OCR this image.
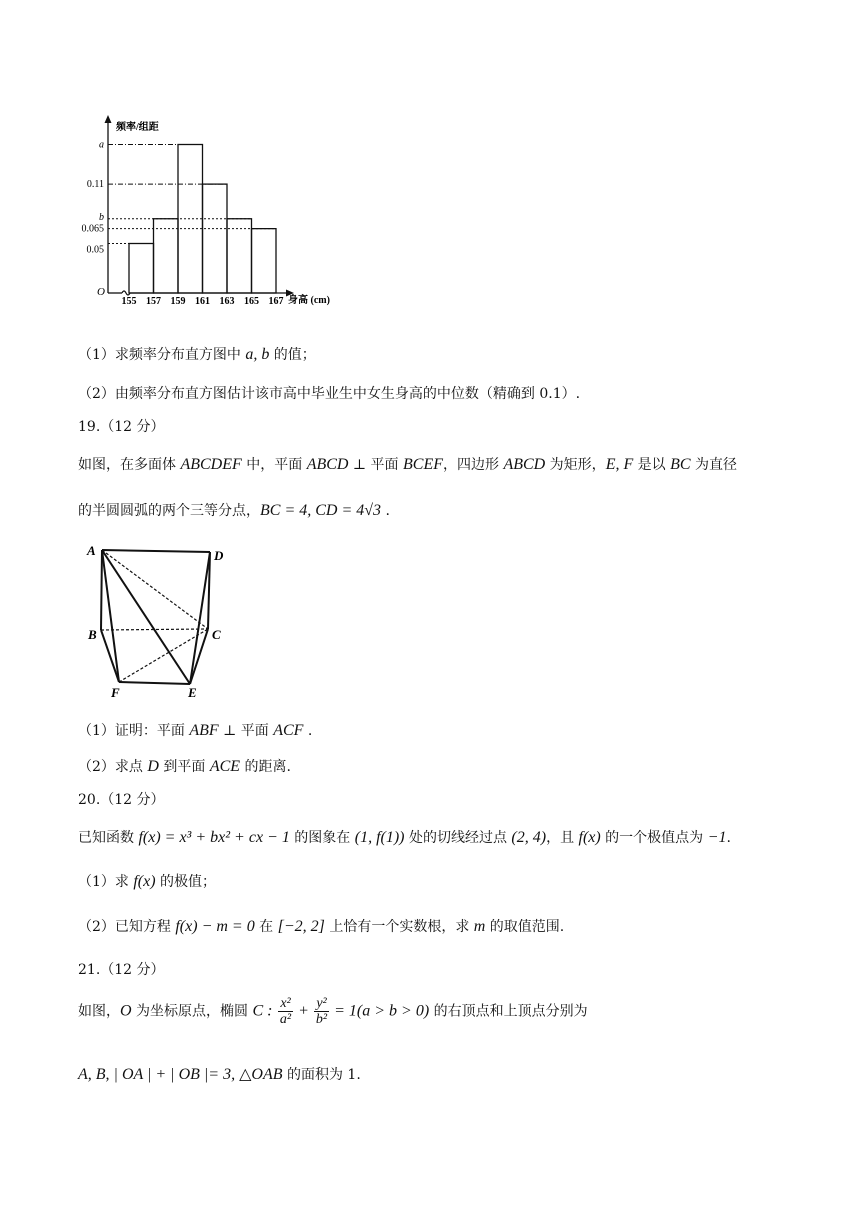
频率/组距
O
身高 (cm)
a
0.11
b
0.065
0.05
155 157 159 161 163 165 167
（1）求频率分布直方图中 a, b 的值；
（2）由频率分布直方图估计该市高中毕业生中女生身高的中位数（精确到 0.1）.
19.（12 分）
如图，在多面体 ABCDEF 中，平面 ABCD ⊥ 平面 BCEF，四边形 ABCD 为矩形，E, F 是以 BC 为直径
的半圆圆弧的两个三等分点，BC = 4, CD = 4√3 .
A	D
B	C
F	E
（1）证明：平面 ABF ⊥ 平面 ACF .
（2）求点 D 到平面 ACE 的距离.
20.（12 分）
已知函数 f(x) = x³ + bx² + cx − 1 的图象在 (1, f(1)) 处的切线经过点 (2, 4)，且 f(x) 的一个极值点为 −1.
（1）求 f(x) 的极值；
（2）已知方程 f(x) − m = 0 在 [−2, 2] 上恰有一个实数根，求 m 的取值范围.
21.（12 分）
如图，O 为坐标原点，椭圆 C : $\frac{\text{x²}}{\text{a²}} + \frac{\text{y²}}{\text{b²}} = 1(a > b > 0)$ 的右顶点和上顶点分别为
A, B, | OA | + | OB |= 3, △OAB 的面积为 1.
